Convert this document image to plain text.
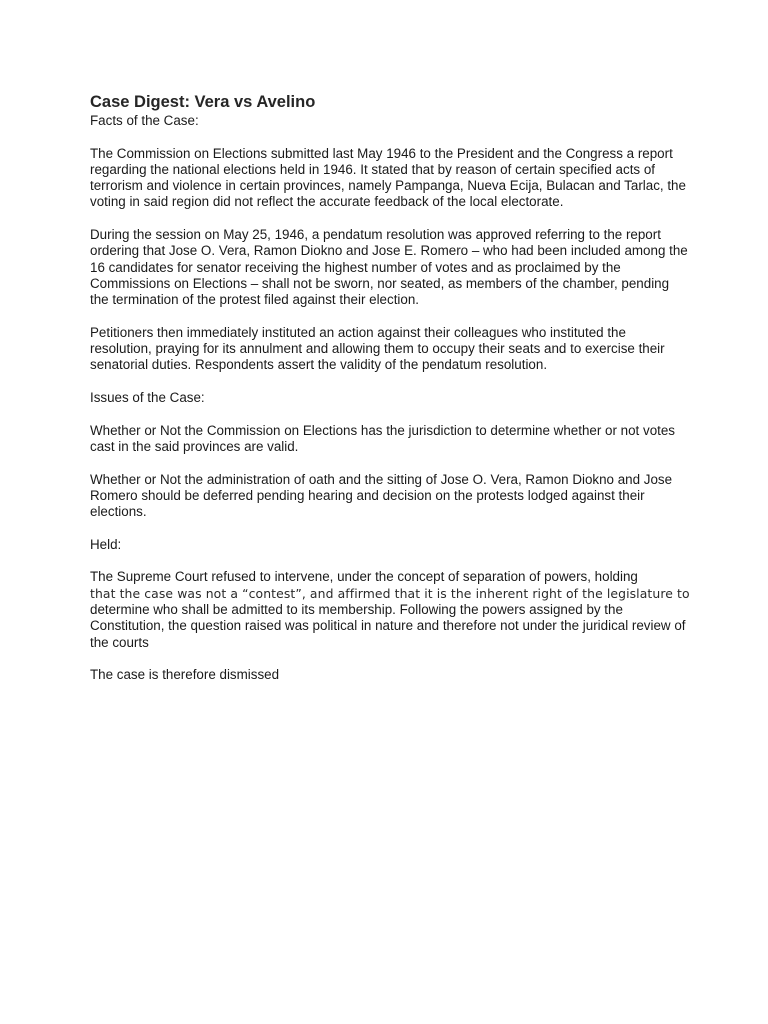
Case Digest: Vera vs Avelino
Facts of the Case:
The Commission on Elections submitted last May 1946 to the President and the Congress a report regarding the national elections held in 1946. It stated that by reason of certain specified acts of terrorism and violence in certain provinces, namely Pampanga, Nueva Ecija, Bulacan and Tarlac, the voting in said region did not reflect the accurate feedback of the local electorate.
During the session on May 25, 1946, a pendatum resolution was approved referring to the report ordering that Jose O. Vera, Ramon Diokno and Jose E. Romero – who had been included among the 16 candidates for senator receiving the highest number of votes and as proclaimed by the Commissions on Elections – shall not be sworn, nor seated, as members of the chamber, pending the termination of the protest filed against their election.
Petitioners then immediately instituted an action against their colleagues who instituted the resolution, praying for its annulment and allowing them to occupy their seats and to exercise their senatorial duties. Respondents assert the validity of the pendatum resolution.
Issues of the Case:
Whether or Not the Commission on Elections has the jurisdiction to determine whether or not votes cast in the said provinces are valid.
Whether or Not the administration of oath and the sitting of Jose O. Vera, Ramon Diokno and Jose Romero should be deferred pending hearing and decision on the protests lodged against their elections.
Held:
The Supreme Court refused to intervene, under the concept of separation of powers, holding
that the case was not a “contest”, and affirmed that it is the inherent right of the legislature to
determine who shall be admitted to its membership. Following the powers assigned by the Constitution, the question raised was political in nature and therefore not under the juridical review of the courts
The case is therefore dismissed
